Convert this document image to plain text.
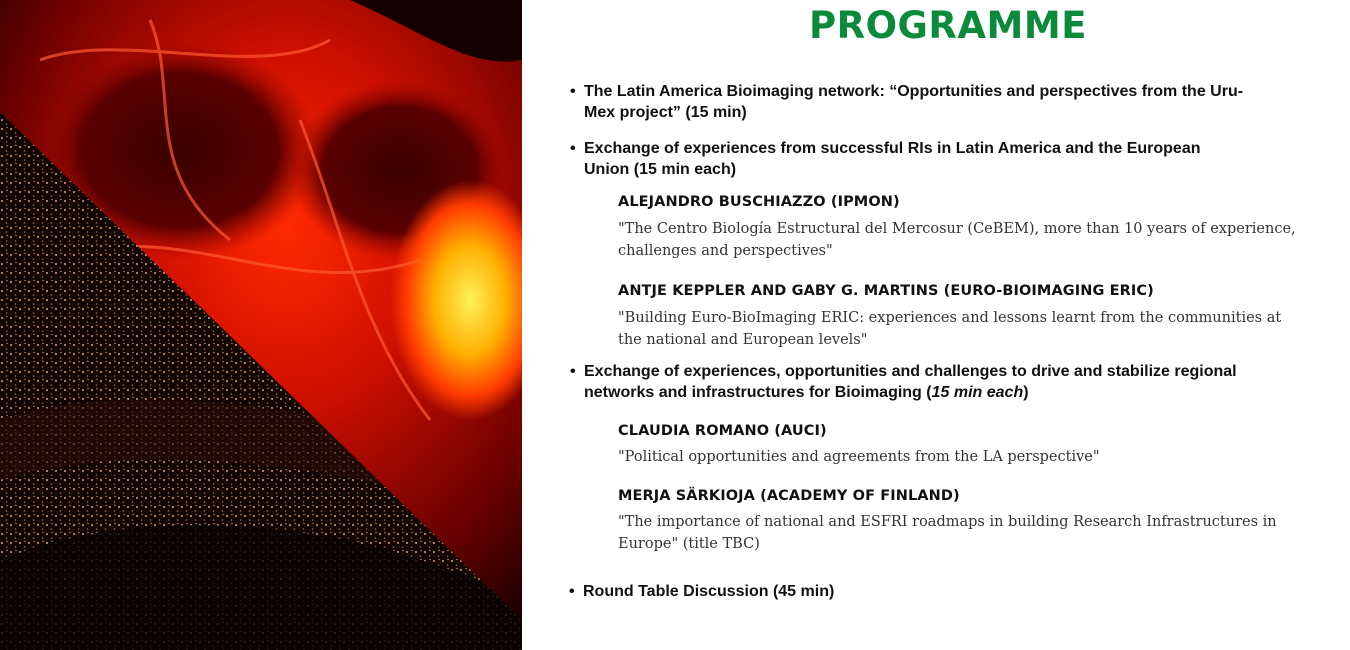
PROGRAMME
• The Latin America Bioimaging network: “Opportunities and perspectives from the Uru-Mex project” (15 min)
• Exchange of experiences from successful RIs in Latin America and the European Union (15 min each)
ALEJANDRO BUSCHIAZZO (IPMON)
"The Centro Biología Estructural del Mercosur (CeBEM), more than 10 years of experience, challenges and perspectives"
ANTJE KEPPLER AND GABY G. MARTINS (EURO-BIOIMAGING ERIC)
"Building Euro-BioImaging ERIC: experiences and lessons learnt from the communities at the national and European levels"
• Exchange of experiences, opportunities and challenges to drive and stabilize regional networks and infrastructures for Bioimaging (15 min each)
CLAUDIA ROMANO (AUCI)
"Political opportunities and agreements from the LA perspective"
MERJA SÄRKIOJA (ACADEMY OF FINLAND)
"The importance of national and ESFRI roadmaps in building Research Infrastructures in Europe" (title TBC)
• Round Table Discussion (45 min)
